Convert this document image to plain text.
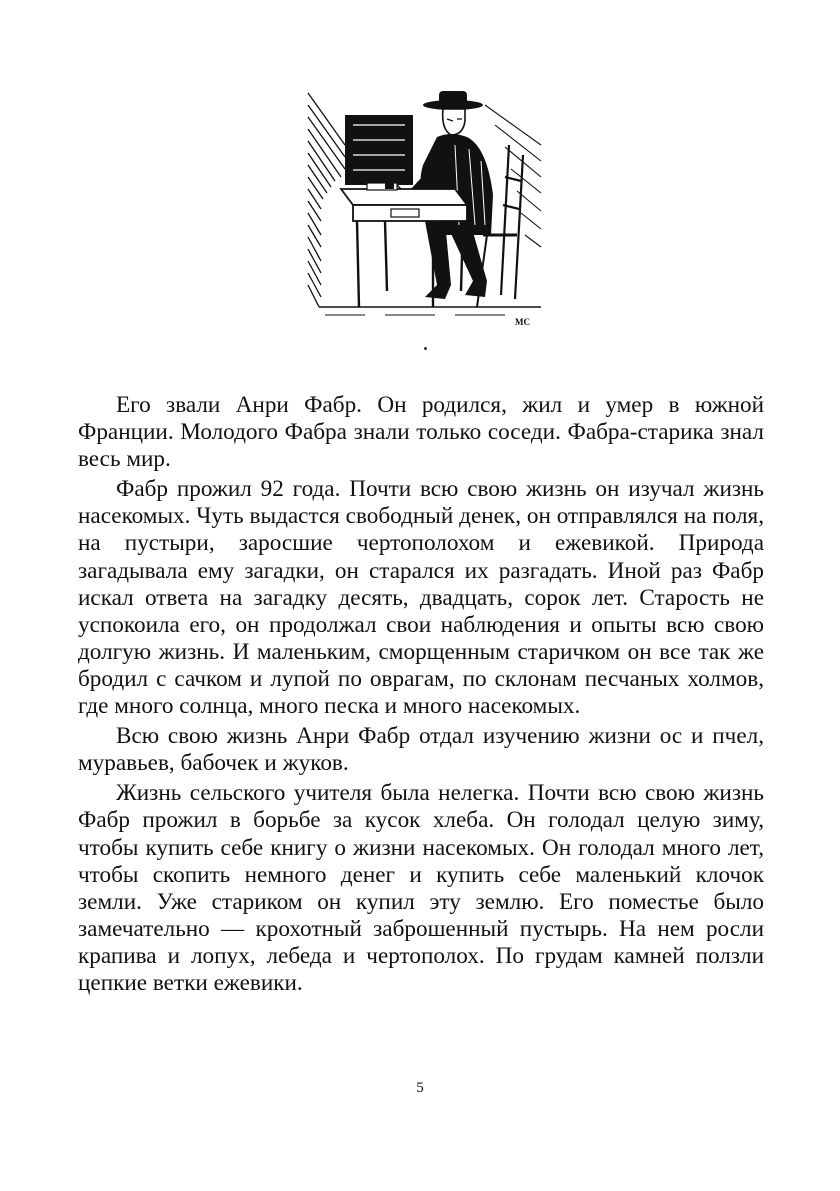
МС

Его звали Анри Фабр. Он родился, жил и умер в южной Франции. Молодого Фабра знали только соседи. Фабра-старика знал весь мир.

Фабр прожил 92 года. Почти всю свою жизнь он изучал жизнь насекомых. Чуть выдастся свободный денек, он отправлялся на поля, на пустыри, заросшие чертополохом и ежевикой. Природа загадывала ему загадки, он старался их разгадать. Иной раз Фабр искал ответа на загадку десять, двадцать, сорок лет. Старость не успокоила его, он продолжал свои наблюдения и опыты всю свою долгую жизнь. И маленьким, сморщенным старичком он все так же бродил с сачком и лупой по оврагам, по склонам песчаных холмов, где много солнца, много песка и много насекомых.

Всю свою жизнь Анри Фабр отдал изучению жизни ос и пчел, муравьев, бабочек и жуков.

Жизнь сельского учителя была нелегка. Почти всю свою жизнь Фабр прожил в борьбе за кусок хлеба. Он голодал целую зиму, чтобы купить себе книгу о жизни насекомых. Он голодал много лет, чтобы скопить немного денег и купить себе маленький клочок земли. Уже стариком он купил эту землю. Его поместье было замечательно — крохотный заброшенный пустырь. На нем росли крапива и лопух, лебеда и чертополох. По грудам камней ползли цепкие ветки ежевики.

5
